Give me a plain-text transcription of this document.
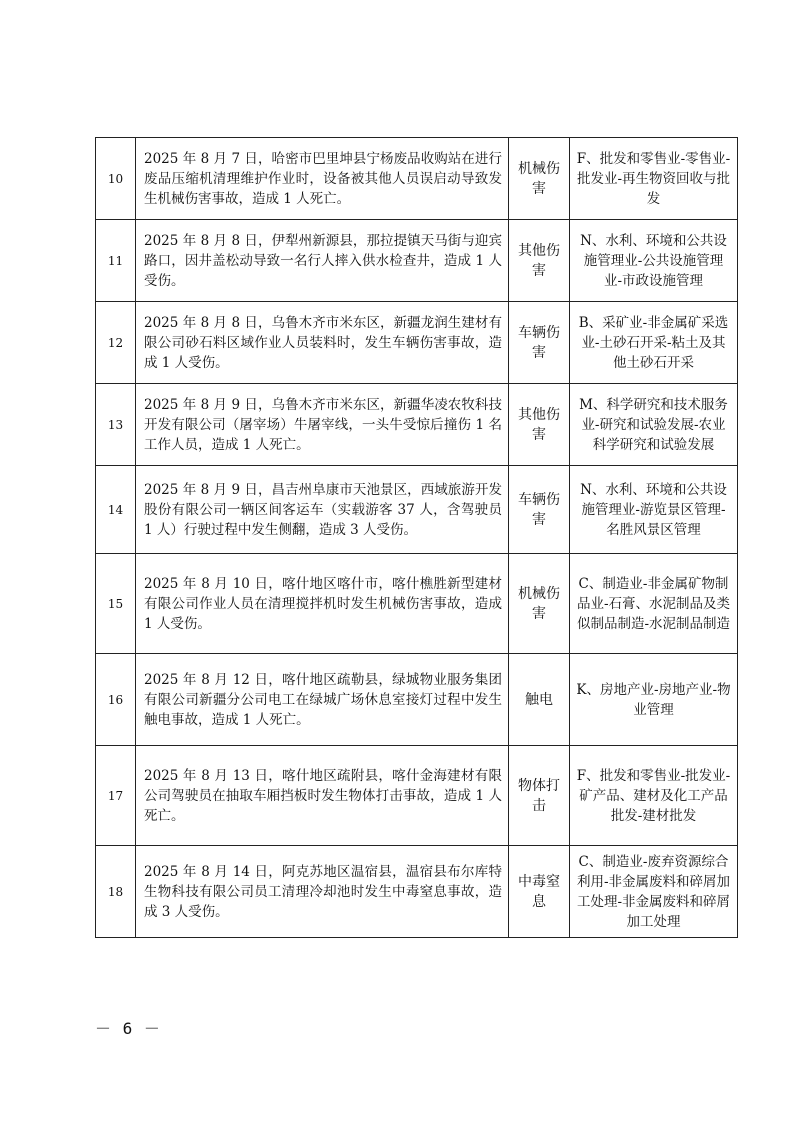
10	2025 年 8 月 7 日，哈密市巴里坤县宁杨废品收购站在进行废品压缩机清理维护作业时，设备被其他人员误启动导致发生机械伤害事故，造成 1 人死亡。	机械伤害	F、批发和零售业-零售业-批发业-再生物资回收与批发
11	2025 年 8 月 8 日，伊犁州新源县，那拉提镇天马街与迎宾路口，因井盖松动导致一名行人摔入供水检查井，造成 1 人受伤。	其他伤害	N、水利、环境和公共设施管理业-公共设施管理业-市政设施管理
12	2025 年 8 月 8 日，乌鲁木齐市米东区，新疆龙润生建材有限公司砂石料区域作业人员装料时，发生车辆伤害事故，造成 1 人受伤。	车辆伤害	B、采矿业-非金属矿采选业-土砂石开采-粘土及其他土砂石开采
13	2025 年 8 月 9 日，乌鲁木齐市米东区，新疆华凌农牧科技开发有限公司（屠宰场）牛屠宰线，一头牛受惊后撞伤 1 名工作人员，造成 1 人死亡。	其他伤害	M、科学研究和技术服务业-研究和试验发展-农业科学研究和试验发展
14	2025 年 8 月 9 日，昌吉州阜康市天池景区，西域旅游开发股份有限公司一辆区间客运车（实载游客 37 人，含驾驶员 1 人）行驶过程中发生侧翻，造成 3 人受伤。	车辆伤害	N、水利、环境和公共设施管理业-游览景区管理-名胜风景区管理
15	2025 年 8 月 10 日，喀什地区喀什市，喀什樵胜新型建材有限公司作业人员在清理搅拌机时发生机械伤害事故，造成 1 人受伤。	机械伤害	C、制造业-非金属矿物制品业-石膏、水泥制品及类似制品制造-水泥制品制造
16	2025 年 8 月 12 日，喀什地区疏勒县，绿城物业服务集团有限公司新疆分公司电工在绿城广场休息室接灯过程中发生触电事故，造成 1 人死亡。	触电	K、房地产业-房地产业-物业管理
17	2025 年 8 月 13 日，喀什地区疏附县，喀什金海建材有限公司驾驶员在抽取车厢挡板时发生物体打击事故，造成 1 人死亡。	物体打击	F、批发和零售业-批发业-矿产品、建材及化工产品批发-建材批发
18	2025 年 8 月 14 日，阿克苏地区温宿县，温宿县布尔库特生物科技有限公司员工清理冷却池时发生中毒窒息事故，造成 3 人受伤。	中毒窒息	C、制造业-废弃资源综合利用-非金属废料和碎屑加工处理-非金属废料和碎屑加工处理
－ 6 －
